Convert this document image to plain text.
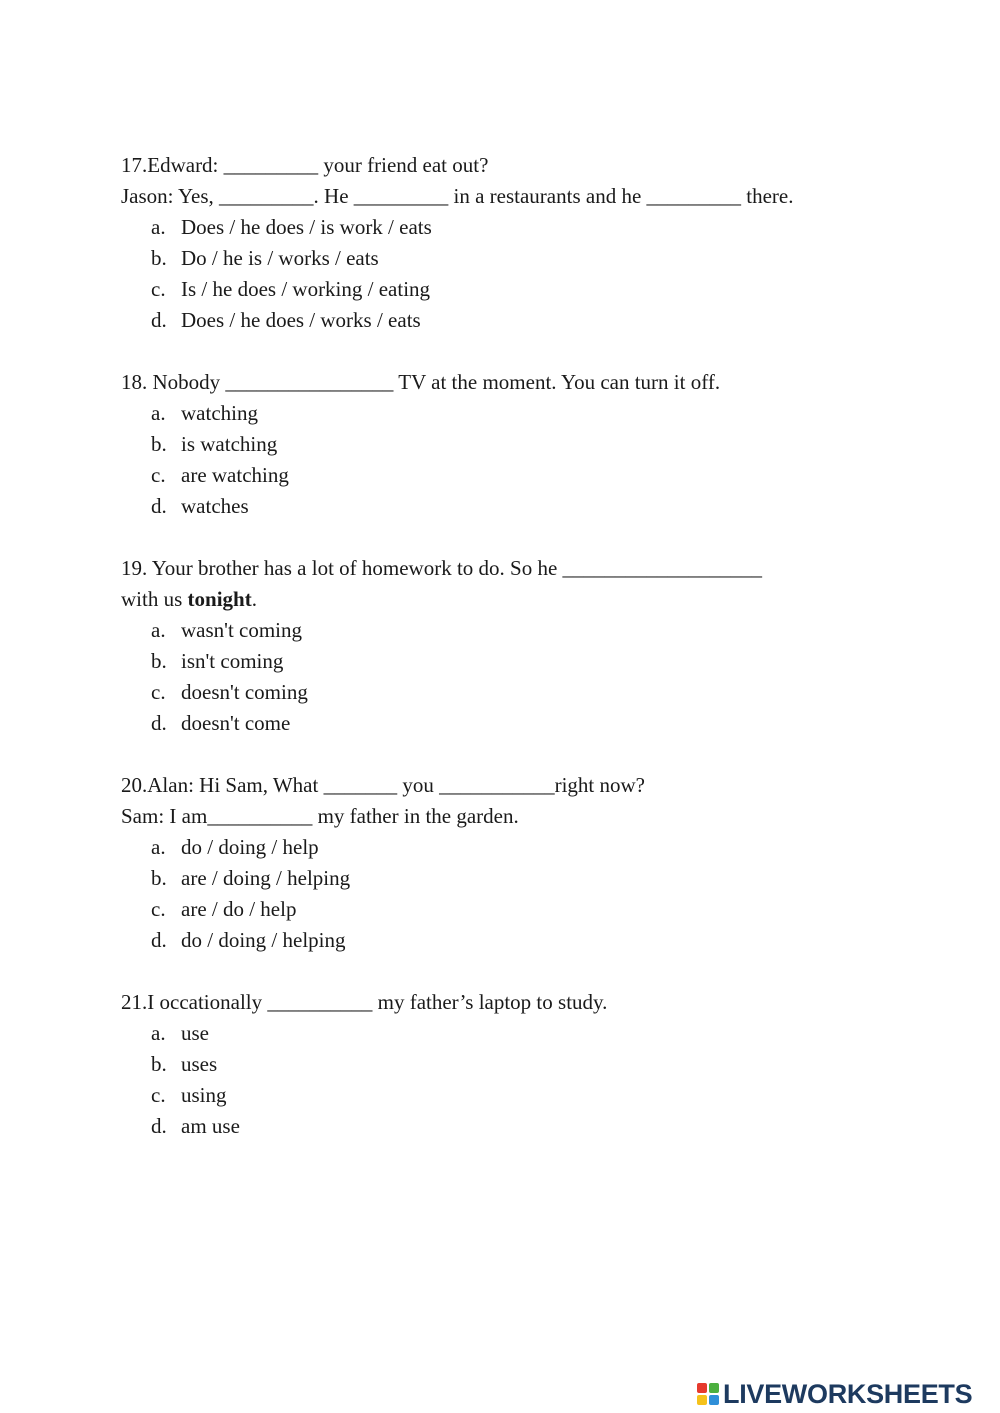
17.Edward: _________ your friend eat out?
Jason: Yes, _________. He _________ in a restaurants and he _________ there.
a. Does / he does / is work / eats
b. Do / he is / works / eats
c. Is / he does / working / eating
d. Does / he does / works / eats
18. Nobody ________________ TV at the moment. You can turn it off.
a. watching
b. is watching
c. are watching
d. watches
19. Your brother has a lot of homework to do. So he ___________________
with us tonight.
a. wasn't coming
b. isn't coming
c. doesn't coming
d. doesn't come
20.Alan: Hi Sam, What _______ you ___________right now?
Sam: I am__________ my father in the garden.
a. do / doing / help
b. are / doing / helping
c. are / do / help
d. do / doing / helping
21.I occationally __________ my father’s laptop to study.
a. use
b. uses
c. using
d. am use
LIVEWORKSHEETS
